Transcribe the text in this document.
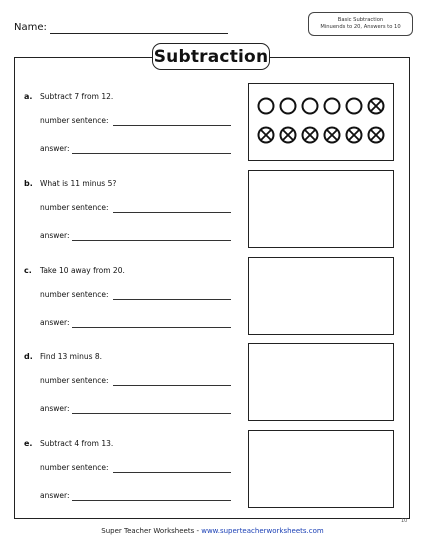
Name:
Basic Subtraction
Minuends to 20, Answers to 10
Subtraction
a. Subtract 7 from 12.
number sentence:
answer:
b. What is 11 minus 5?
number sentence:
answer:
c. Take 10 away from 20.
number sentence:
answer:
d. Find 13 minus 8.
number sentence:
answer:
e. Subtract 4 from 13.
number sentence:
answer:
Super Teacher Worksheets - www.superteacherworksheets.com
10
